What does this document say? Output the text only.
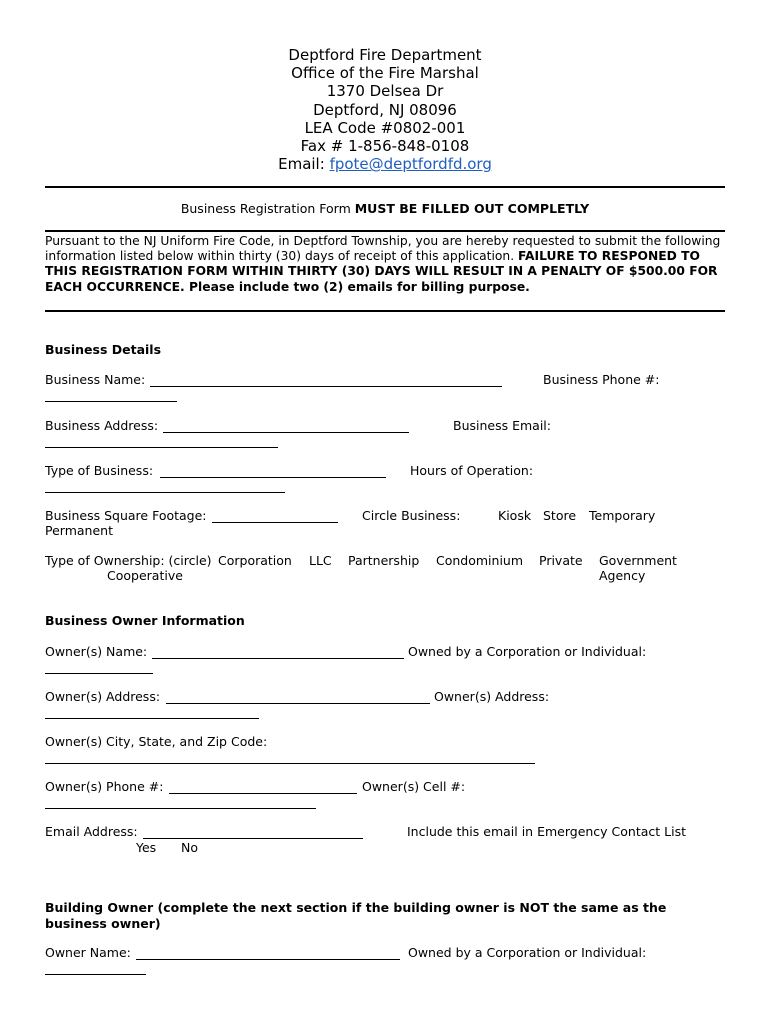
Deptford Fire Department
Office of the Fire Marshal
1370 Delsea Dr
Deptford, NJ 08096
LEA Code #0802-001
Fax # 1-856-848-0108
Email: fpote@deptfordfd.org
Business Registration Form MUST BE FILLED OUT COMPLETLY
Pursuant to the NJ Uniform Fire Code, in Deptford Township, you are hereby requested to submit the following information listed below within thirty (30) days of receipt of this application. FAILURE TO RESPONED TO THIS REGISTRATION FORM WITHIN THIRTY (30) DAYS WILL RESULT IN A PENALTY OF $500.00 FOR EACH OCCURRENCE. Please include two (2) emails for billing purpose.
Business Details
Business Name:	Business Phone #:
Business Address:	Business Email:
Type of Business:	Hours of Operation:
Business Square Footage:	Circle Business:	Kiosk Store Temporary
Permanent
Type of Ownership: (circle) Corporation LLC Partnership Condominium Private Government Agency
Cooperative
Business Owner Information
Owner(s) Name:	Owned by a Corporation or Individual:
Owner(s) Address:	Owner(s) Address:
Owner(s) City, State, and Zip Code:
Owner(s) Phone #:	Owner(s) Cell #:
Email Address:	Include this email in Emergency Contact List
Yes No
Building Owner (complete the next section if the building owner is NOT the same as the business owner)
Owner Name:	Owned by a Corporation or Individual:
